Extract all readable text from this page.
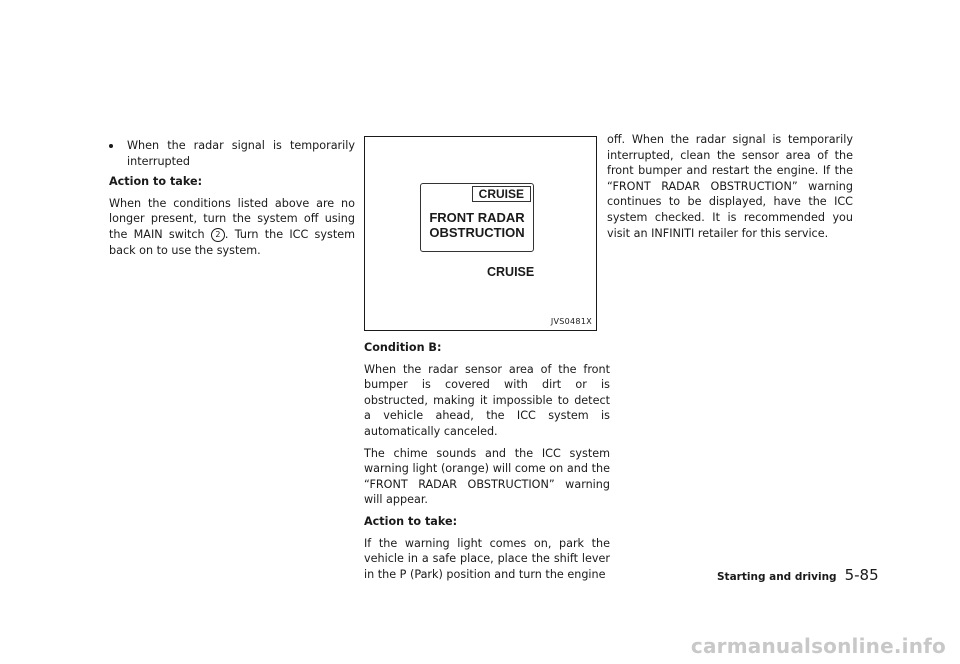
When the radar signal is temporarily interrupted

Action to take:

When the conditions listed above are no longer present, turn the system off using the MAIN switch 2 . Turn the ICC system back on to use the system.

CRUISE
FRONT RADAR
OBSTRUCTION
CRUISE
JVS0481X

Condition B:

When the radar sensor area of the front bumper is covered with dirt or is obstructed, making it impossible to detect a vehicle ahead, the ICC system is automatically canceled.

The chime sounds and the ICC system warning light (orange) will come on and the “FRONT RADAR OBSTRUCTION” warning will appear.

Action to take:

If the warning light comes on, park the vehicle in a safe place, place the shift lever in the P (Park) position and turn the engine

off. When the radar signal is temporarily interrupted, clean the sensor area of the front bumper and restart the engine. If the “FRONT RADAR OBSTRUCTION” warning continues to be displayed, have the ICC system checked. It is recommended you visit an INFINITI retailer for this service.

Starting and driving 5-85
carmanualsonline.info
